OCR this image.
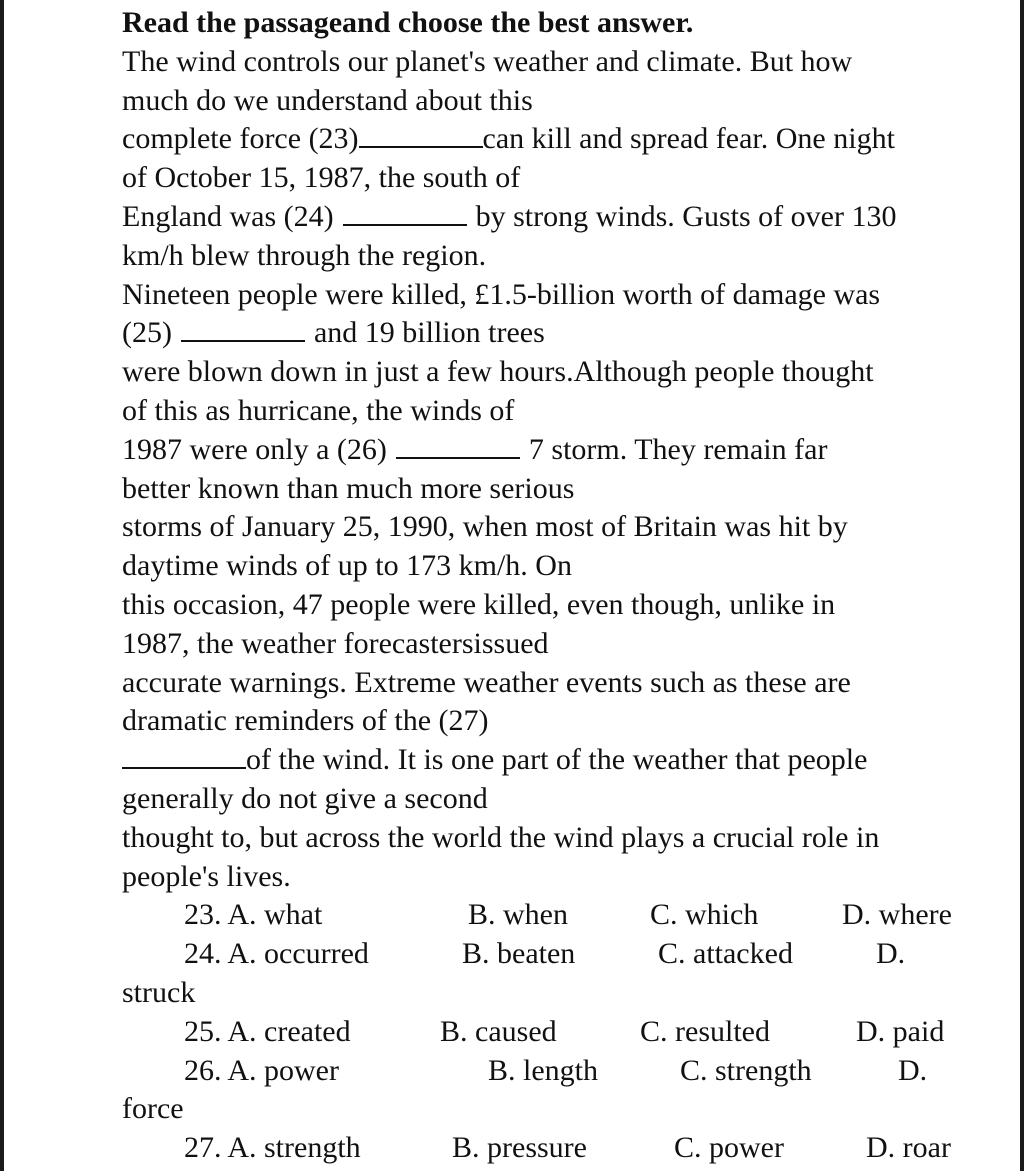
Read the passageand choose the best answer.
The wind controls our planet's weather and climate. But how
much do we understand about this
complete force (23)	can kill and spread fear. One night
of October 15, 1987, the south of
England was (24)	by strong winds. Gusts of over 130
km/h blew through the region.
Nineteen people were killed, £1.5-billion worth of damage was
(25)	and 19 billion trees
were blown down in just a few hours.Although people thought
of this as hurricane, the winds of
1987 were only a (26)	7 storm. They remain far
better known than much more serious
storms of January 25, 1990, when most of Britain was hit by
daytime winds of up to 173 km/h. On
this occasion, 47 people were killed, even though, unlike in
1987, the weather forecastersissued
accurate warnings. Extreme weather events such as these are
dramatic reminders of the (27)
of the wind. It is one part of the weather that people
generally do not give a second
thought to, but across the world the wind plays a crucial role in
people's lives.
23. A. what	B. when	C. which	D. where
24. A. occurred	B. beaten	C. attacked	D.
struck
25. A. created	B. caused	C. resulted	D. paid
26. A. power	B. length	C. strength	D.
force
27. A. strength	B. pressure	C. power	D. roar
